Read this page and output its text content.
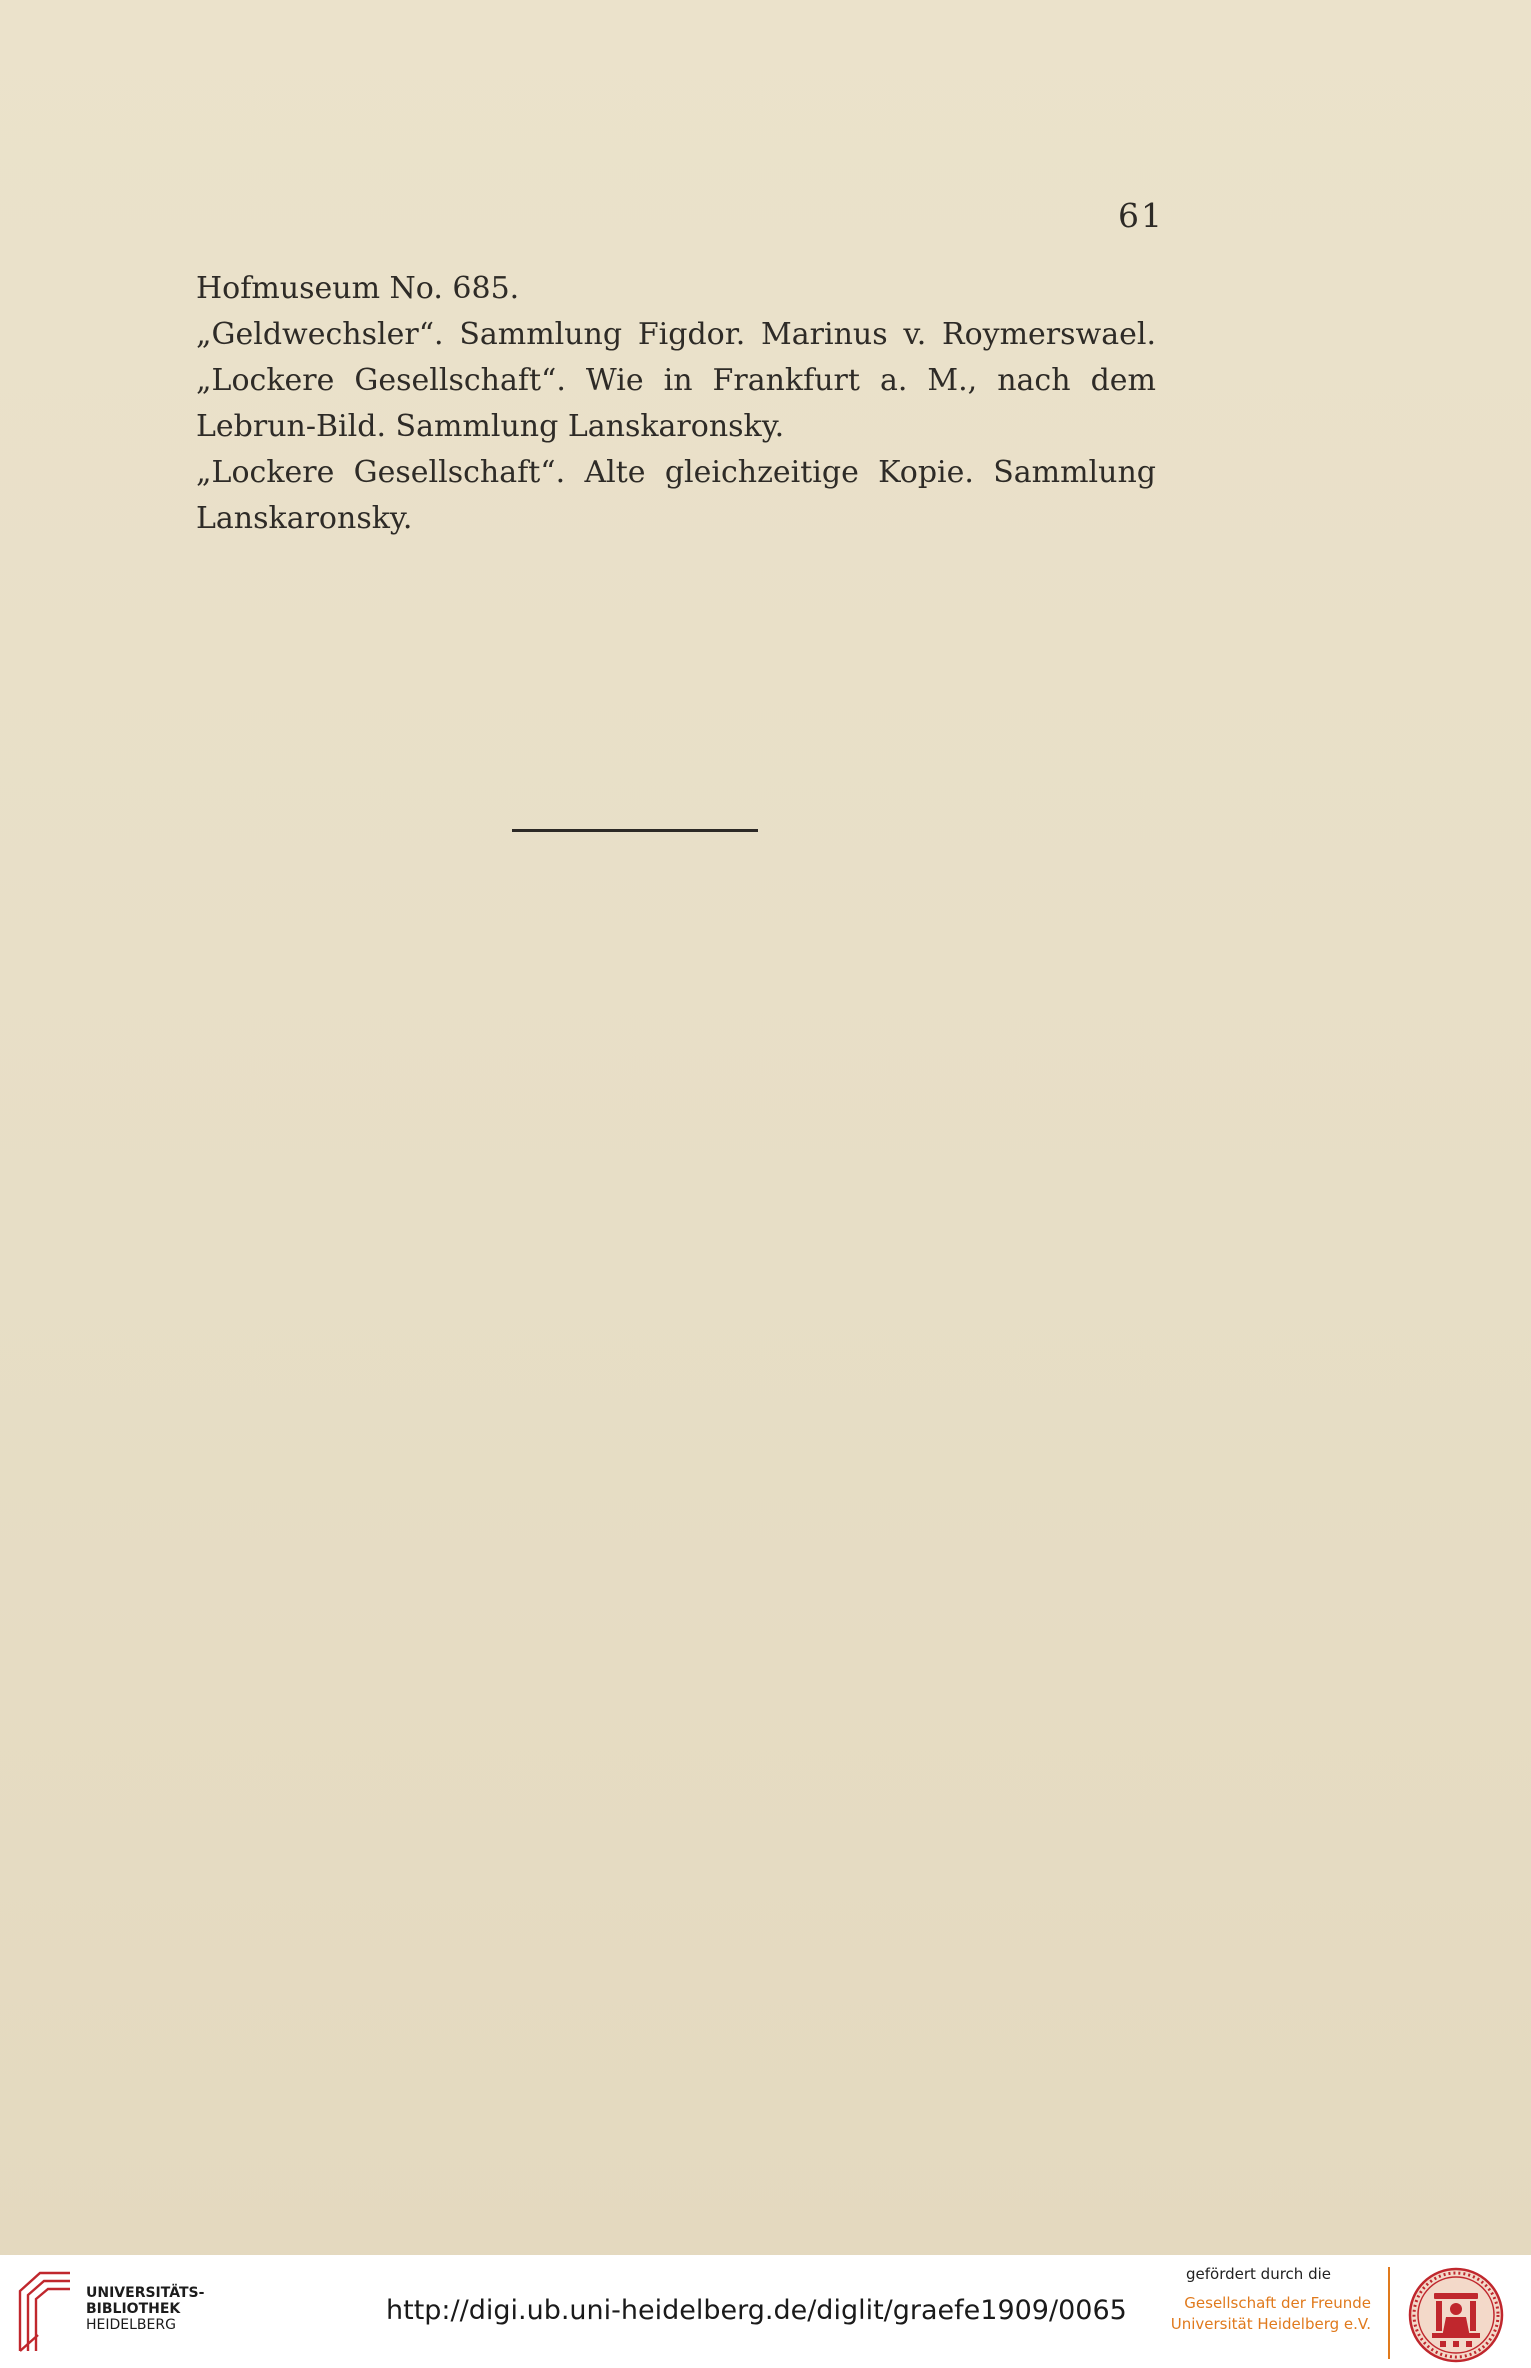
61
Hofmuseum No. 685.
„Geldwechsler“. Sammlung Figdor. Marinus v. Roymerswael.
„Lockere Gesellschaft“. Wie in Frankfurt a. M., nach dem
Lebrun-Bild. Sammlung Lanskaronsky.
„Lockere Gesellschaft“. Alte gleichzeitige Kopie. Sammlung
Lanskaronsky.
UNIVERSITÄTS-
BIBLIOTHEK
HEIDELBERG	http://digi.ub.uni-heidelberg.de/diglit/graefe1909/0065
gefördert durch die
Gesellschaft der Freunde
Universität Heidelberg e.V.
